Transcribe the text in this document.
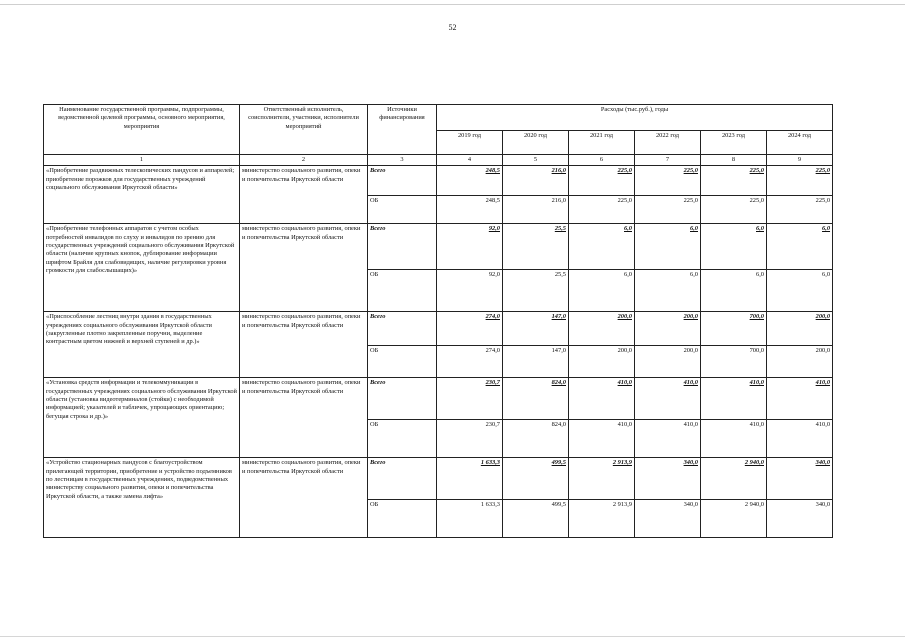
52
Наименование государственной программы, подпрограммы, ведомственной целевой программы, основного мероприятия, мероприятия	Ответственный исполнитель, соисполнители, участники, исполнители мероприятий	Источники финансирования	Расходы (тыс.руб.), годы					
			2019 год	2020 год	2021 год	2022 год	2023 год	2024 год
1	2	3	4	5	6	7	8	9
«Приобретение раздвижных телескопических пандусов и аппарелей; приобретение порожков для государственных учреждений социального обслуживания Иркутской области»	министерство социального развития, опеки и попечительства Иркутской области	Всего	248,5	216,0	225,0	225,0	225,0	225,0
		ОБ	248,5	216,0	225,0	225,0	225,0	225,0
«Приобретение телефонных аппаратов с учетом особых потребностей инвалидов по слуху и инвалидов по зрению для государственных учреждений социального обслуживания Иркутской области (наличие крупных кнопок, дублирование информации шрифтом Брайля для слабовидящих, наличие регулировки уровня громкости для слабослышащих)»	министерство социального развития, опеки и попечительства Иркутской области	Всего	92,0	25,5	6,0	6,0	6,0	6,0
		ОБ	92,0	25,5	6,0	6,0	6,0	6,0
«Приспособление лестниц внутри здания в государственных учреждениях социального обслуживания Иркутской области (закругленные плотно закрепленные поручни, выделение контрастным цветом нижней и верхней ступеней и др.)»	министерство социального развития, опеки и попечительства Иркутской области	Всего	274,0	147,0	200,0	200,0	700,0	200,0
		ОБ	274,0	147,0	200,0	200,0	700,0	200,0
«Установка средств информации и телекоммуникации в государственных учреждениях социального обслуживания Иркутской области (установка видеотерминалов (стойки) с необходимой информацией; указателей и табличек, упрощающих ориентацию; бегущая строка и др.)»	министерство социального развития, опеки и попечительства Иркутской области	Всего	230,7	824,0	410,0	410,0	410,0	410,0
		ОБ	230,7	824,0	410,0	410,0	410,0	410,0
«Устройство стационарных пандусов с благоустройством прилегающей территории, приобретение и устройство подъемников по лестницам в государственных учреждениях, подведомственных министерству социального развития, опеки и попечительства Иркутской области, а также замена лифта»	министерство социального развития, опеки и попечительства Иркутской области	Всего	1 633,3	499,5	2 913,9	340,0	2 940,0	340,0
		ОБ	1 633,3	499,5	2 913,9	340,0	2 940,0	340,0
